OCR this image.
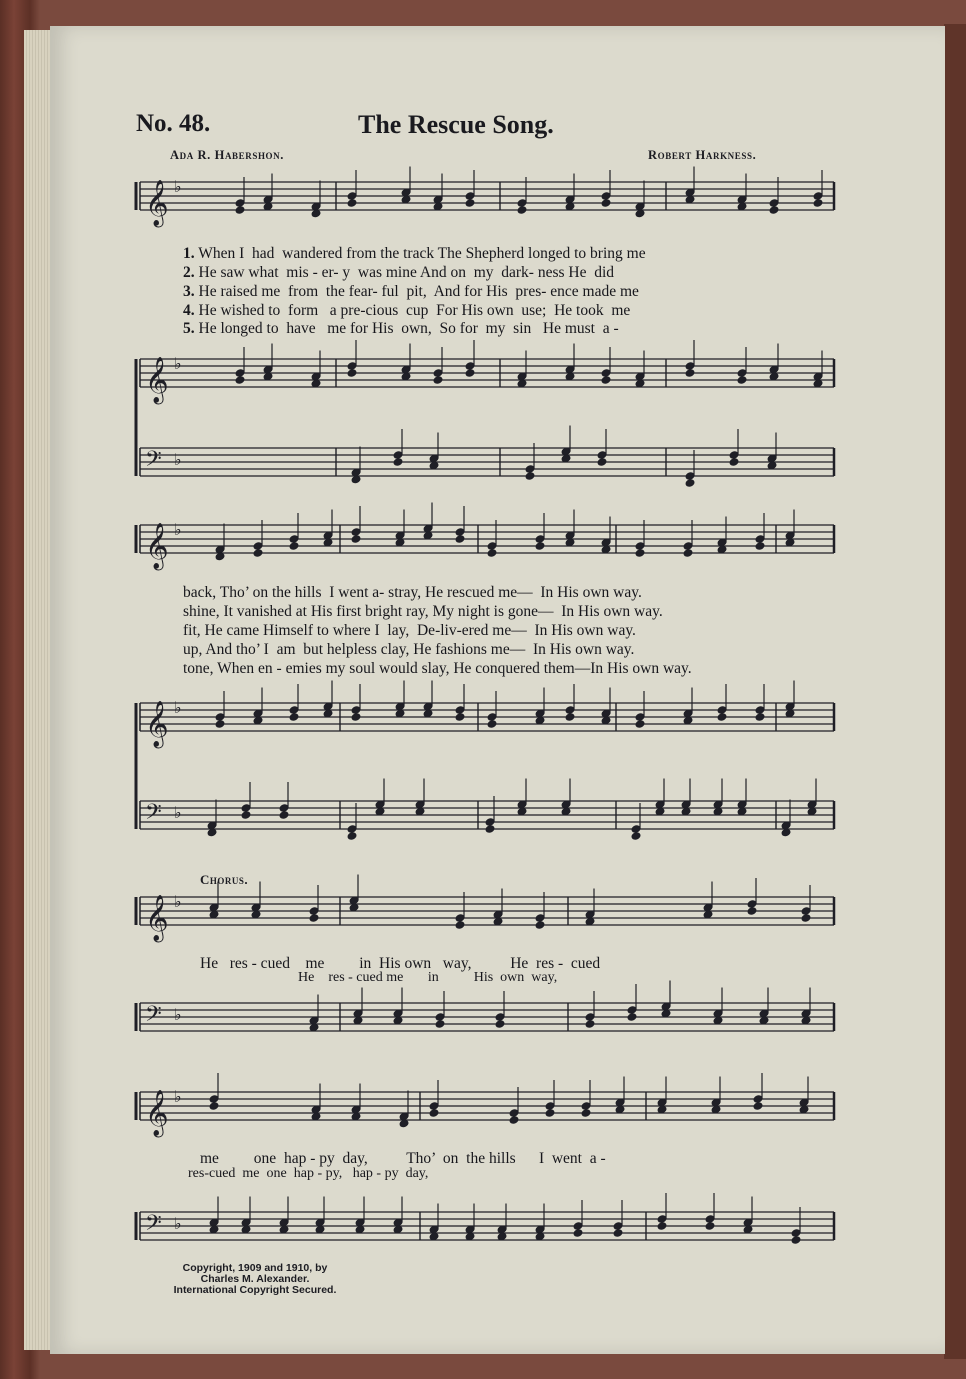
No. 48.	The Rescue Song.
Ada R. Habershon.	Robert Harkness.
𝄞 ♭
𝄞 ♭
𝄢 ♭
𝄞 ♭
𝄞 ♭
𝄢 ♭
𝄞 ♭
𝄢 ♭
𝄞 ♭
𝄢 ♭
1. When I  had  wandered from the track The Shepherd longed to bring me
2. He saw what  mis - er- y  was mine And on  my  dark- ness He  did
3. He raised me  from  the fear- ful  pit,  And for His  pres- ence made me
4. He wished to  form   a pre-cious  cup  For His own  use;  He took  me
5. He longed to  have   me for His  own,  So for  my  sin   He must  a -
back, Tho’ on the hills  I went a- stray, He rescued me—  In His own way.
shine, It vanished at His first bright ray, My night is gone—  In His own way.
fit, He came Himself to where I  lay,  De-liv-ered me—  In His own way.
up, And tho’ I  am  but helpless clay, He fashions me—  In His own way.
tone, When en - emies my soul would slay, He conquered them—In His own way.
Chorus.
He   res - cued    me         in  His own   way,          He  res -  cued
He    res - cued me       in          His  own  way,
me         one  hap - py  day,          Tho’  on  the hills      I  went  a -
res-cued  me  one  hap - py,   hap - py  day,
Copyright, 1909 and 1910, by
Charles M. Alexander.
International Copyright Secured.
